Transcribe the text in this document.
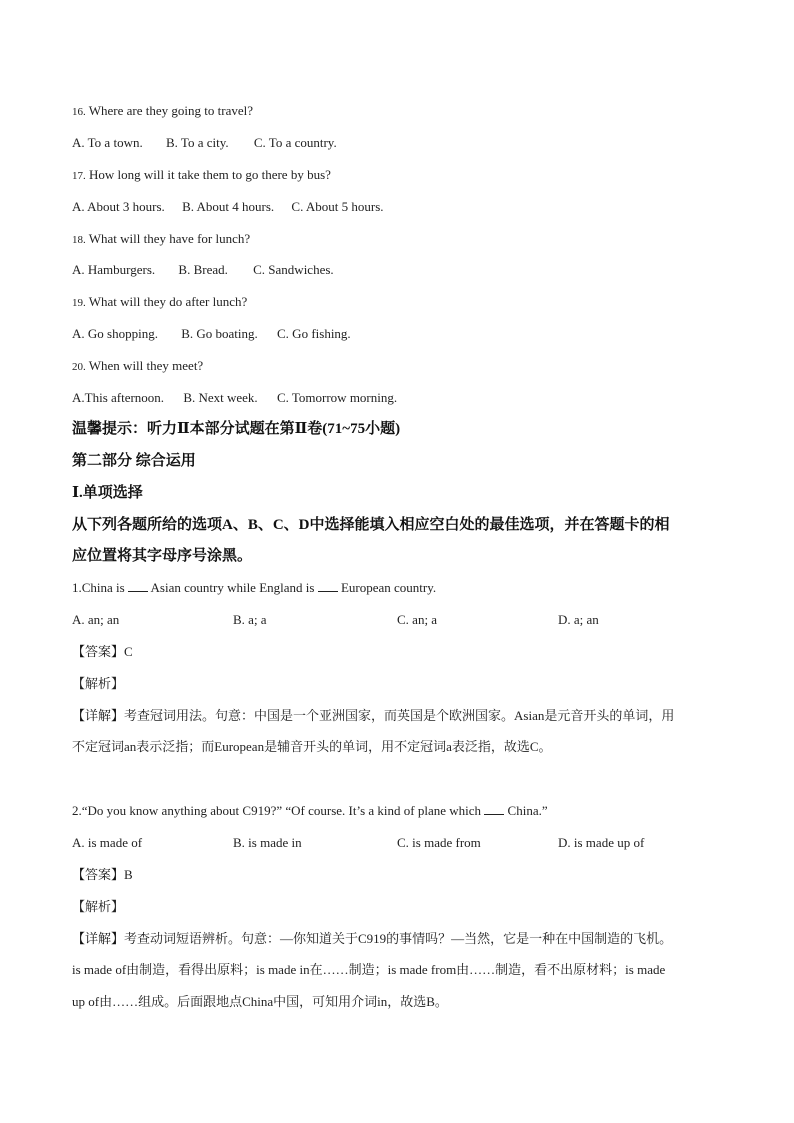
16. Where are they going to travel?
A. To a town. B. To a city. C. To a country.
17. How long will it take them to go there by bus?
A. About 3 hours. B. About 4 hours. C. About 5 hours.
18. What will they have for lunch?
A. Hamburgers. B. Bread. C. Sandwiches.
19. What will they do after lunch?
A. Go shopping. B. Go boating. C. Go fishing.
20. When will they meet?
A.This afternoon. B. Next week. C. Tomorrow morning.
温馨提示：听力Ⅱ本部分试题在第Ⅱ卷(71~75小题)
第二部分 综合运用
Ⅰ.单项选择
从下列各题所给的选项A、B、C、D中选择能填入相应空白处的最佳选项，并在答题卡的相
应位置将其字母序号涂黑。
1.China is Asian country while England is European country.
A. an; an	B. a; a	C. an; a	D. a; an
【答案】C
【解析】
【详解】考查冠词用法。句意：中国是一个亚洲国家，而英国是个欧洲国家。Asian是元音开头的单词，用
不定冠词an表示泛指；而European是辅音开头的单词，用不定冠词a表泛指，故选C。
2.“Do you know anything about C919?” “Of course. It’s a kind of plane which China.”
A. is made of	B. is made in	C. is made from	D. is made up of
【答案】B
【解析】
【详解】考查动词短语辨析。句意：—你知道关于C919的事情吗？—当然，它是一种在中国制造的飞机。
is made of由制造，看得出原料；is made in在……制造；is made from由……制造，看不出原材料；is made
up of由……组成。后面跟地点China中国，可知用介词in，故选B。
